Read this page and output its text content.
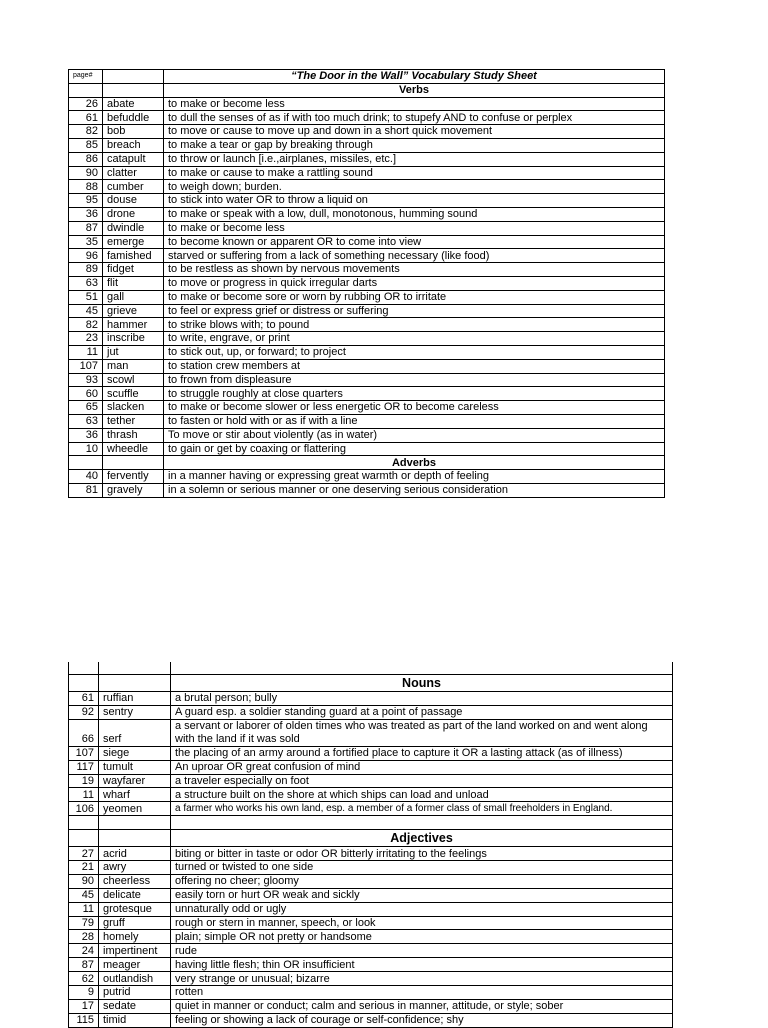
page#		“The Door in the Wall” Vocabulary Study Sheet
		Verbs
26	abate	to make or become less
61	befuddle	to dull the senses of as if with too much drink; to stupefy AND to confuse or perplex
82	bob	to move or cause to move up and down in a short quick movement
85	breach	to make a tear or gap by breaking through
86	catapult	to throw or launch [i.e.,airplanes, missiles, etc.]
90	clatter	to make or cause to make a rattling sound
88	cumber	to weigh down; burden.
95	douse	to stick into water OR to throw a liquid on
36	drone	to make or speak with a low, dull, monotonous, humming sound
87	dwindle	to make or become less
35	emerge	to become known or apparent OR to come into view
96	famished	starved or suffering from a lack of something necessary (like food)
89	fidget	to be restless as shown by nervous movements
63	flit	to move or progress in quick irregular darts
51	gall	to make or become sore or worn by rubbing OR to irritate
45	grieve	to feel or express grief or distress or suffering
82	hammer	to strike blows with; to pound
23	inscribe	to write, engrave, or print
11	jut	to stick out, up, or forward; to project
107	man	to station crew members at
93	scowl	to frown from displeasure
60	scuffle	to struggle roughly at close quarters
65	slacken	to make or become slower or less energetic OR to become careless
63	tether	to fasten or hold with or as if with a line
36	thrash	To move or stir about violently (as in water)
10	wheedle	to gain or get by coaxing or flattering
		Adverbs
40	fervently	in a manner having or expressing great warmth or depth of feeling
81	gravely	in a solemn or serious manner or one deserving serious consideration

		Nouns
61	ruffian	a brutal person; bully
92	sentry	A guard esp. a soldier standing guard at a point of passage
66	serf	a servant or laborer of olden times who was treated as part of the land worked on and went along with the land if it was sold
107	siege	the placing of an army around a fortified place to capture it OR a lasting attack (as of illness)
117	tumult	An uproar OR great confusion of mind
19	wayfarer	a traveler especially on foot
11	wharf	a structure built on the shore at which ships can load and unload
106	yeomen	a farmer who works his own land, esp. a member of a former class of small freeholders in England.

		Adjectives
27	acrid	biting or bitter in taste or odor OR bitterly irritating to the feelings
21	awry	turned or twisted to one side
90	cheerless	offering no cheer; gloomy
45	delicate	easily torn or hurt OR weak and sickly
11	grotesque	unnaturally odd or ugly
79	gruff	rough or stern in manner, speech, or look
28	homely	plain; simple OR not pretty or handsome
24	impertinent	rude
87	meager	having little flesh; thin OR insufficient
62	outlandish	very strange or unusual; bizarre
9	putrid	rotten
17	sedate	quiet in manner or conduct; calm and serious in manner, attitude, or style; sober
115	timid	feeling or showing a lack of courage or self-confidence; shy
